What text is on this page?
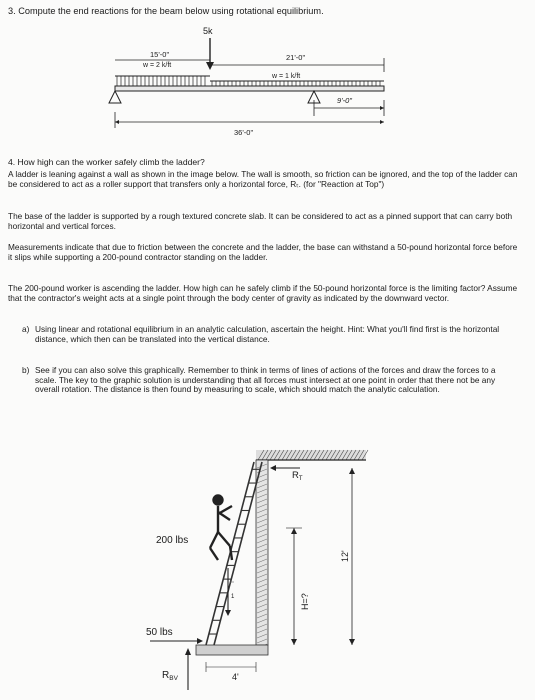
3. Compute the end reactions for the beam below using rotational equilibrium.
5k
15'-0"
w = 2 k/ft
21'-0"
w = 1 k/ft
9'-0"
36'-0"
4. How high can the worker safely climb the ladder?
A ladder is leaning against a wall as shown in the image below. The wall is smooth, so friction can be ignored, and the top of the ladder can be considered to act as a roller support that transfers only a horizontal force, Rₜ. (for "Reaction at Top")
The base of the ladder is supported by a rough textured concrete slab. It can be considered to act as a pinned support that can carry both horizontal and vertical forces.
Measurements indicate that due to friction between the concrete and the ladder, the base can withstand a 50-pound horizontal force before it slips while supporting a 200-pound contractor standing on the ladder.
The 200-pound worker is ascending the ladder. How high can he safely climb if the 50-pound horizontal force is the limiting factor? Assume that the contractor's weight acts at a single point through the body center of gravity as indicated by the downward vector.
a) Using linear and rotational equilibrium in an analytic calculation, ascertain the height. Hint: What you'll find first is the horizontal distance, which then can be translated into the vertical distance.
b) See if you can also solve this graphically. Remember to think in terms of lines of actions of the forces and draw the forces to a scale. The key to the graphic solution is understanding that all forces must intersect at one point in order that there not be any overall rotation. The distance is then found by measuring to scale, which should match the analytic calculation.
1
200 lbs
50 lbs
$R_T$
$R_{BV}$	4'
H=?
12'
